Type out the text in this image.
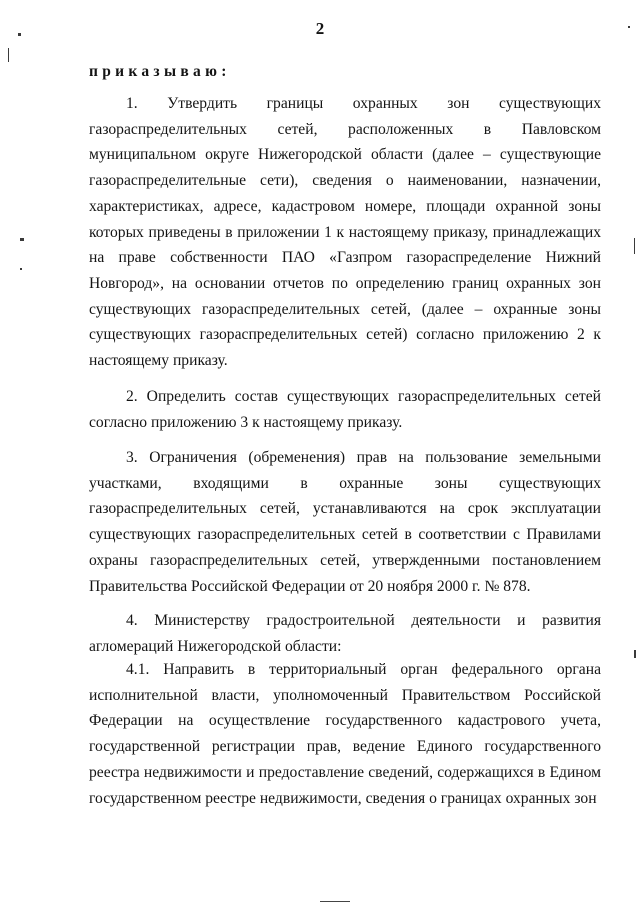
2
приказываю:

1. Утвердить границы охранных зон существующих газораспределительных сетей, расположенных в Павловском муниципальном округе Нижегородской области (далее – существующие газораспределительные сети), сведения о наименовании, назначении, характеристиках, адресе, кадастровом номере, площади охранной зоны которых приведены в приложении 1 к настоящему приказу, принадлежащих на праве собственности ПАО «Газпром газораспределение Нижний Новгород», на основании отчетов по определению границ охранных зон существующих газораспределительных сетей, (далее – охранные зоны существующих газораспределительных сетей) согласно приложению 2 к настоящему приказу.

2. Определить состав существующих газораспределительных сетей согласно приложению 3 к настоящему приказу.

3. Ограничения (обременения) прав на пользование земельными участками, входящими в охранные зоны существующих газораспределительных сетей, устанавливаются на срок эксплуатации существующих газораспределительных сетей в соответствии с Правилами охраны газораспределительных сетей, утвержденными постановлением Правительства Российской Федерации от 20 ноября 2000 г. № 878.

4. Министерству градостроительной деятельности и развития агломераций Нижегородской области:

4.1. Направить в территориальный орган федерального органа исполнительной власти, уполномоченный Правительством Российской Федерации на осуществление государственного кадастрового учета, государственной регистрации прав, ведение Единого государственного реестра недвижимости и предоставление сведений, содержащихся в Едином государственном реестре недвижимости, сведения о границах охранных зон
